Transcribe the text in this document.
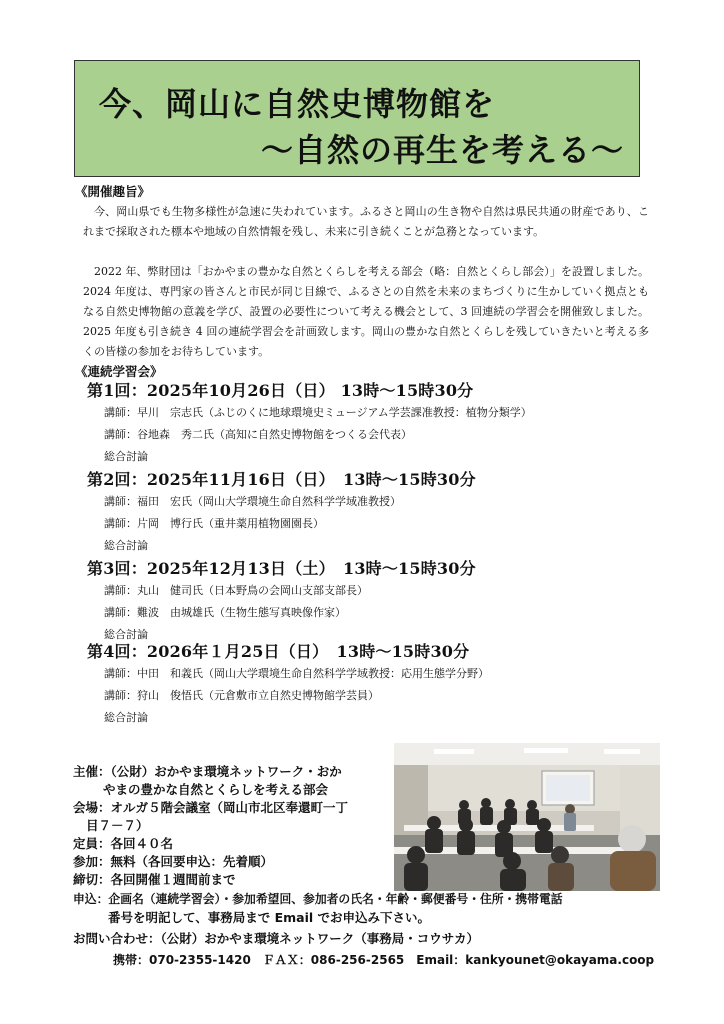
今、岡山に自然史博物館を
～自然の再生を考える～
《開催趣旨》

今、岡山県でも生物多様性が急速に失われています。ふるさと岡山の生き物や自然は県民共通の財産であり、これまで採取された標本や地域の自然情報を残し、未来に引き続くことが急務となっています。

2022 年、弊財団は「おかやまの豊かな自然とくらしを考える部会（略：自然とくらし部会）」を設置しました。2024 年度は、専門家の皆さんと市民が同じ目線で、ふるさとの自然を未来のまちづくりに生かしていく拠点ともなる自然史博物館の意義を学び、設置の必要性について考える機会として、3 回連続の学習会を開催致しました。2025 年度も引き続き 4 回の連続学習会を計画致します。岡山の豊かな自然とくらしを残していきたいと考える多くの皆様の参加をお待ちしています。

《連続学習会》
第1回：2025年10月26日（日） 13時～15時30分
講師：早川　宗志氏（ふじのくに地球環境史ミュージアム学芸課准教授：植物分類学）
講師：谷地森　秀二氏（高知に自然史博物館をつくる会代表）
総合討論
第2回：2025年11月16日（日）　13時～15時30分
講師：福田　宏氏（岡山大学環境生命自然科学学域准教授）
講師：片岡　博行氏（重井薬用植物園園長）
総合討論
第3回：2025年12月13日（土）　13時～15時30分
講師：丸山　健司氏（日本野鳥の会岡山支部支部長）
講師：難波　由城雄氏（生物生態写真映像作家）
総合討論
第4回：2026年１月25日（日）　13時～15時30分
講師：中田　和義氏（岡山大学環境生命自然科学学域教授：応用生態学分野）
講師：狩山　俊悟氏（元倉敷市立自然史博物館学芸員）
総合討論
主催：（公財）おかやま環境ネットワーク・おか
やまの豊かな自然とくらしを考える部会
会場：オルガ５階会議室（岡山市北区奉還町一丁
目７－７）
定員：各回４０名
参加：無料（各回要申込：先着順）
締切：各回開催１週間前まで
申込：企画名（連続学習会）・参加希望回、参加者の氏名・年齢・郵便番号・住所・携帯電話
番号を明記して、事務局まで Email でお申込み下さい。
お問い合わせ：（公財）おかやま環境ネットワーク（事務局・コウサカ）
携帯：070-2355-1420　ＦＡＸ：086-256-2565　Email：kankyounet@okayama.coop
